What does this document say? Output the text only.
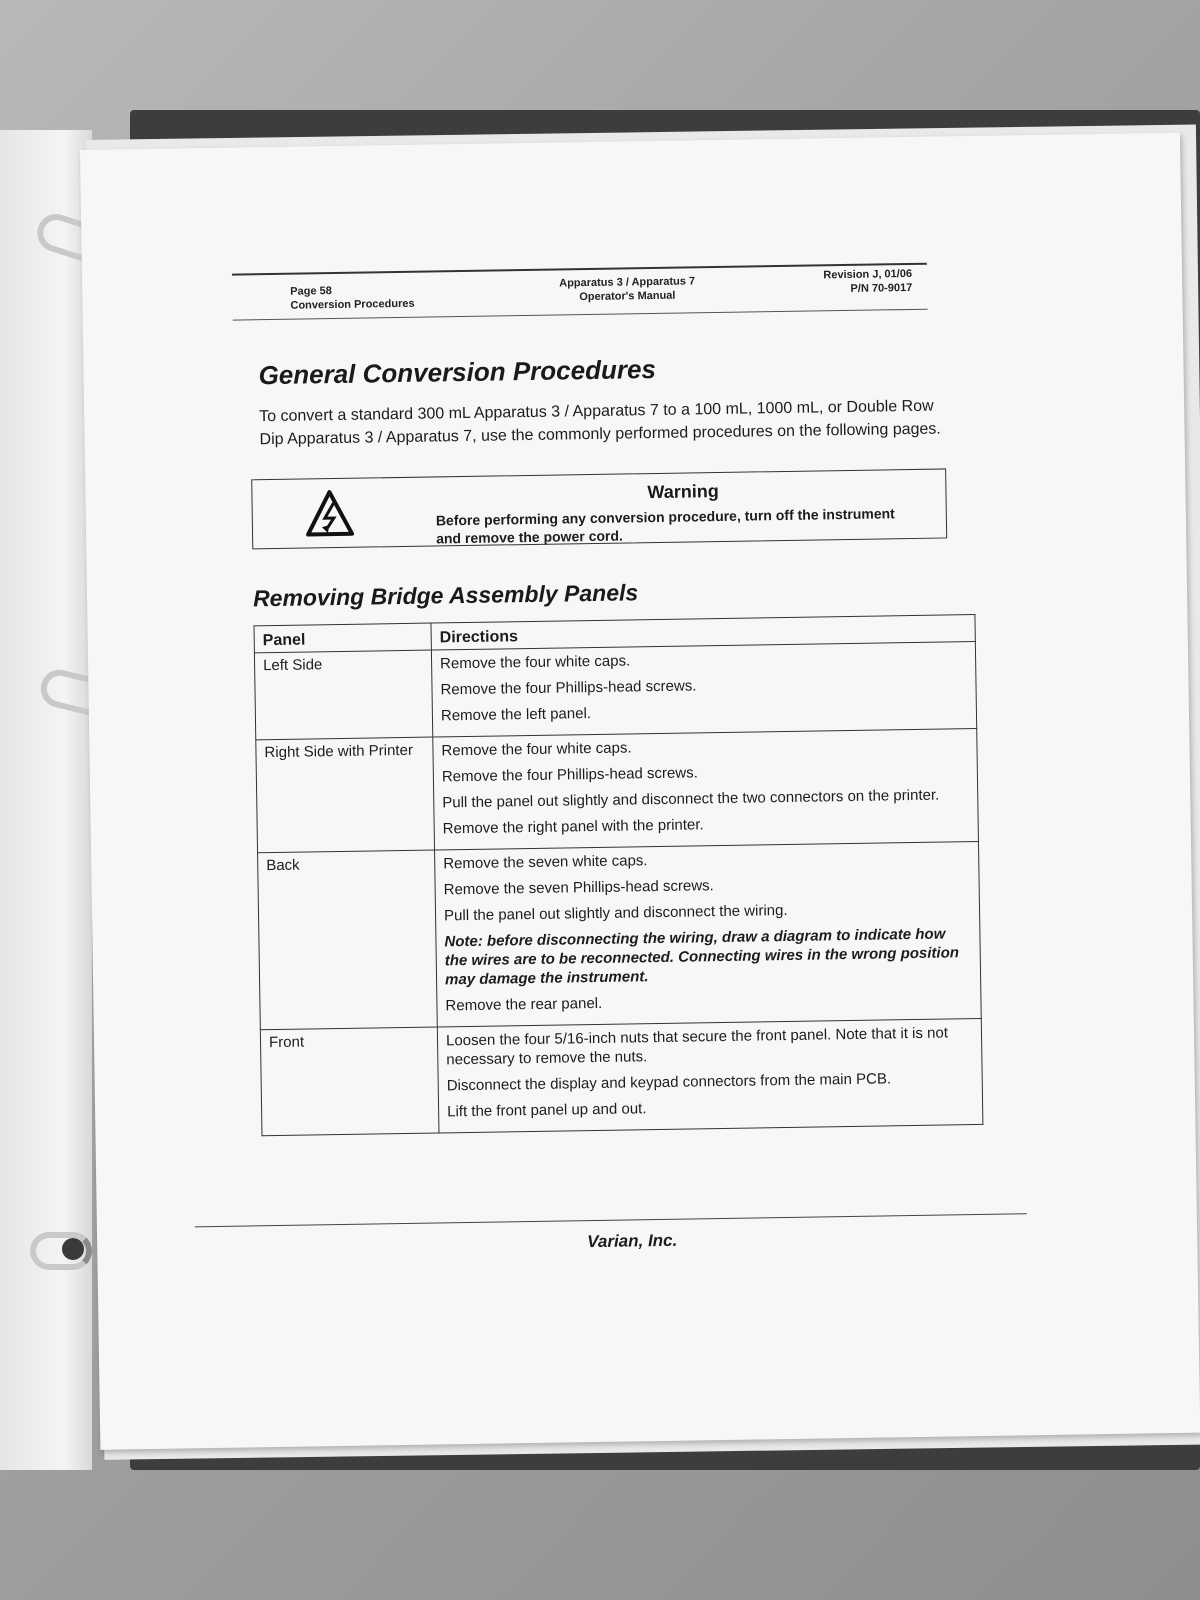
Page 58
Conversion Procedures
Apparatus 3 / Apparatus 7
Operator's Manual
Revision J, 01/06
P/N 70-9017
General Conversion Procedures
To convert a standard 300 mL Apparatus 3 / Apparatus 7 to a 100 mL, 1000 mL, or Double Row Dip Apparatus 3 / Apparatus 7, use the commonly performed procedures on the following pages.
Warning
Before performing any conversion procedure, turn off the instrument and remove the power cord.
Removing Bridge Assembly Panels
Panel	Directions
Left Side	Remove the four white caps.

Remove the four Phillips-head screws.

Remove the left panel.

Right Side with Printer	Remove the four white caps.

Remove the four Phillips-head screws.

Pull the panel out slightly and disconnect the two connectors on the printer.

Remove the right panel with the printer.

Back	Remove the seven white caps.

Remove the seven Phillips-head screws.

Pull the panel out slightly and disconnect the wiring.

Note: before disconnecting the wiring, draw a diagram to indicate how the wires are to be reconnected. Connecting wires in the wrong position may damage the instrument.

Remove the rear panel.

Front	Loosen the four 5/16-inch nuts that secure the front panel. Note that it is not necessary to remove the nuts.

Disconnect the display and keypad connectors from the main PCB.

Lift the front panel up and out.

Varian, Inc.
